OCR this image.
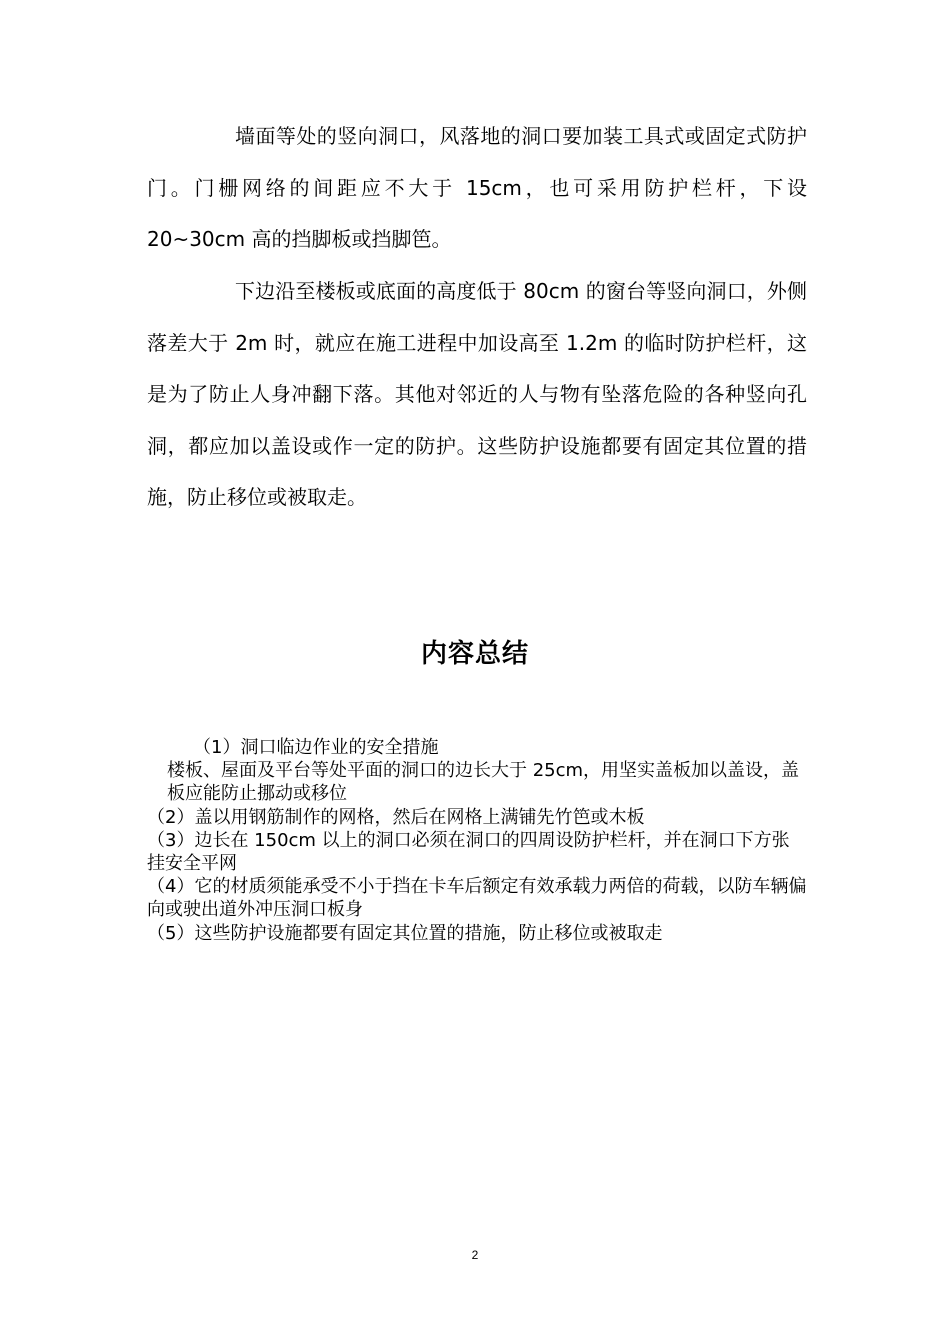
墙面等处的竖向洞口，风落地的洞口要加装工具式或固定式防护门。门栅网络的间距应不大于 15cm，也可采用防护栏杆，下设 20~30cm 高的挡脚板或挡脚笆。

下边沿至楼板或底面的高度低于 80cm 的窗台等竖向洞口，外侧落差大于 2m 时，就应在施工进程中加设高至 1.2m 的临时防护栏杆，这是为了防止人身冲翻下落。其他对邻近的人与物有坠落危险的各种竖向孔洞，都应加以盖设或作一定的防护。这些防护设施都要有固定其位置的措施，防止移位或被取走。

内容总结
（1）洞口临边作业的安全措施
楼板、屋面及平台等处平面的洞口的边长大于 25cm，用坚实盖板加以盖设，盖板应能防止挪动或移位
（2）盖以用钢筋制作的网格，然后在网格上满铺先竹笆或木板
（3）边长在 150cm 以上的洞口必须在洞口的四周设防护栏杆，并在洞口下方张挂安全平网
（4）它的材质须能承受不小于挡在卡车后额定有效承载力两倍的荷载，以防车辆偏向或驶出道外冲压洞口板身
（5）这些防护设施都要有固定其位置的措施，防止移位或被取走
2
